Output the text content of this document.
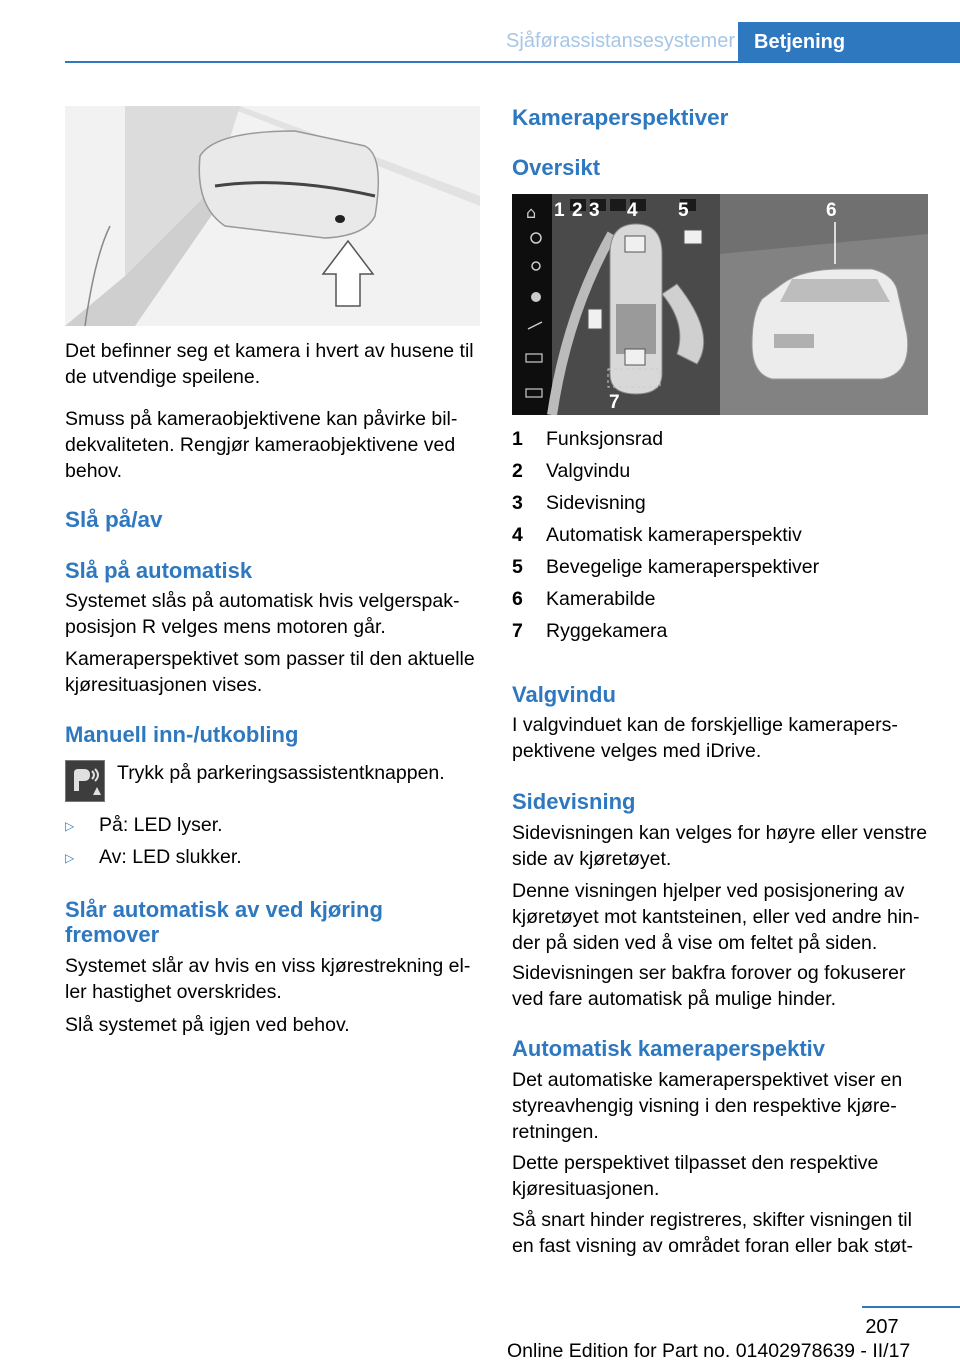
Sjåførassistansesystemer Betjening

Det befinner seg et kamera i hvert av husene til de utvendige speilene.

Smuss på kameraobjektivene kan påvirke bildekvaliteten. Rengjør kameraobjektivene ved behov.

Slå på/av
Slå på automatisk

Systemet slås på automatisk hvis velgerspakposisjon R velges mens motoren går.

Kameraperspektivet som passer til den aktuelle kjøresituasjonen vises.

Manuell inn-/utkobling

Trykk på parkeringsassistentknappen.

▷ På: LED lyser.
▷ Av: LED slukker.
Slår automatisk av ved kjøring fremover

Systemet slår av hvis en viss kjørestrekning eller hastighet overskrides.

Slå systemet på igjen ved behov.

Kameraperspektiver
Oversikt
⌂ 1 2 3 4 5	6
7
1 Funksjonsrad
2 Valgvindu
3 Sidevisning
4 Automatisk kameraperspektiv
5 Bevegelige kameraperspektiver
6 Kamerabilde
7 Ryggekamera
Valgvindu

I valgvinduet kan de forskjellige kameraperspektivene velges med iDrive.

Sidevisning

Sidevisningen kan velges for høyre eller venstre side av kjøretøyet.

Denne visningen hjelper ved posisjonering av kjøretøyet mot kantsteinen, eller ved andre hinder på siden ved å vise om feltet på siden.

Sidevisningen ser bakfra forover og fokuserer ved fare automatisk på mulige hinder.

Automatisk kameraperspektiv

Det automatiske kameraperspektivet viser en styreavhengig visning i den respektive kjøreretningen.

Dette perspektivet tilpasset den respektive kjøresituasjonen.

Så snart hinder registreres, skifter visningen til en fast visning av området foran eller bak støt-

207
Online Edition for Part no. 01402978639 - II/17
